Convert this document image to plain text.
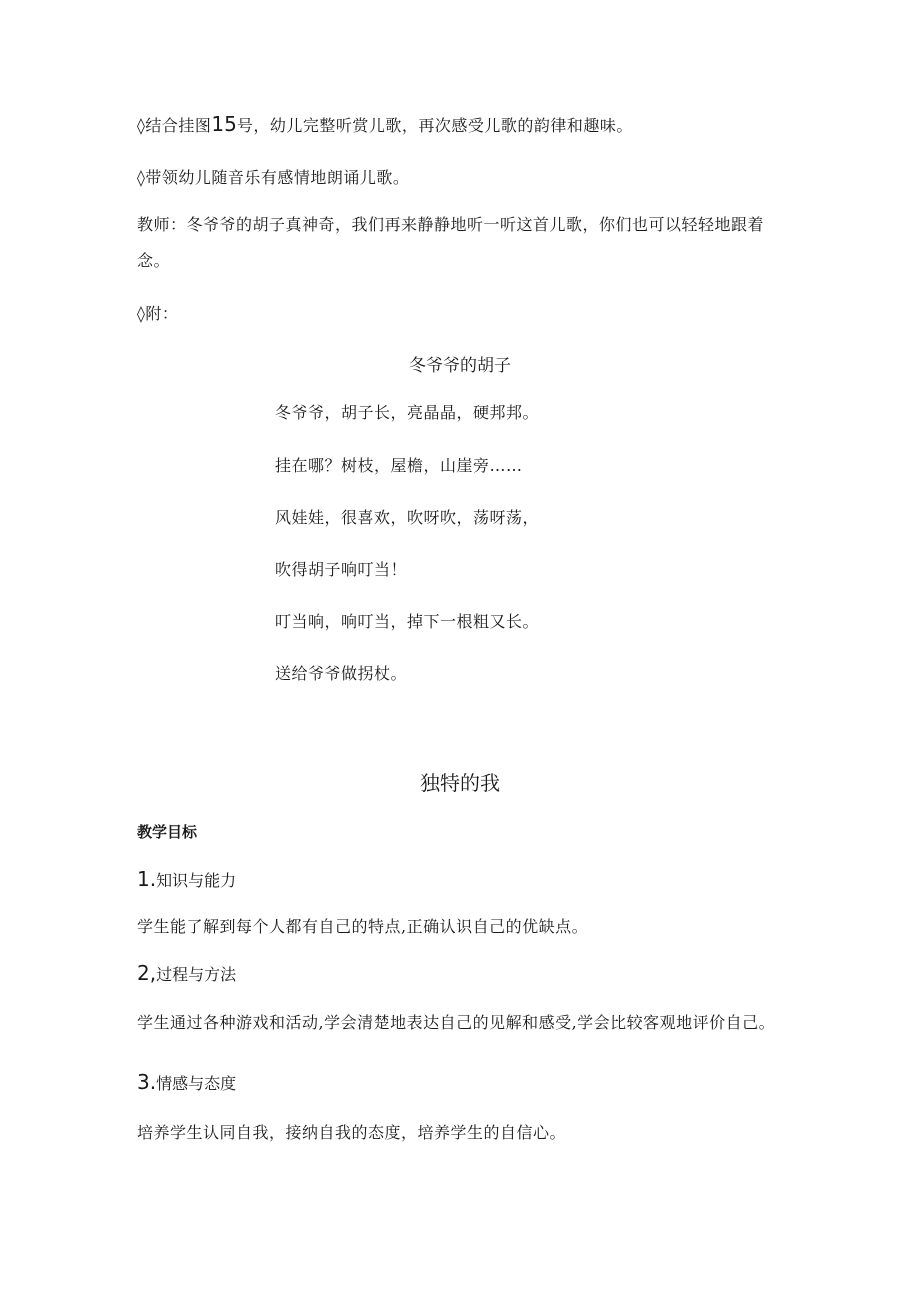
◊结合挂图15号，幼儿完整听赏儿歌，再次感受儿歌的韵律和趣味。
◊带领幼儿随音乐有感情地朗诵儿歌。
教师：冬爷爷的胡子真神奇，我们再来静静地听一听这首儿歌，你们也可以轻轻地跟着念。
◊附：
冬爷爷的胡子
冬爷爷，胡子长，亮晶晶，硬邦邦。
挂在哪？树枝，屋檐，山崖旁……
风娃娃，很喜欢，吹呀吹，荡呀荡，
吹得胡子响叮当！
叮当响，响叮当，掉下一根粗又长。
送给爷爷做拐杖。
独特的我
教学目标
1.知识与能力
学生能了解到每个人都有自己的特点,正确认识自己的优缺点。
2,过程与方法
学生通过各种游戏和活动,学会清楚地表达自己的见解和感受,学会比较客观地评价自己。
3.情感与态度
培养学生认同自我，接纳自我的态度，培养学生的自信心。
